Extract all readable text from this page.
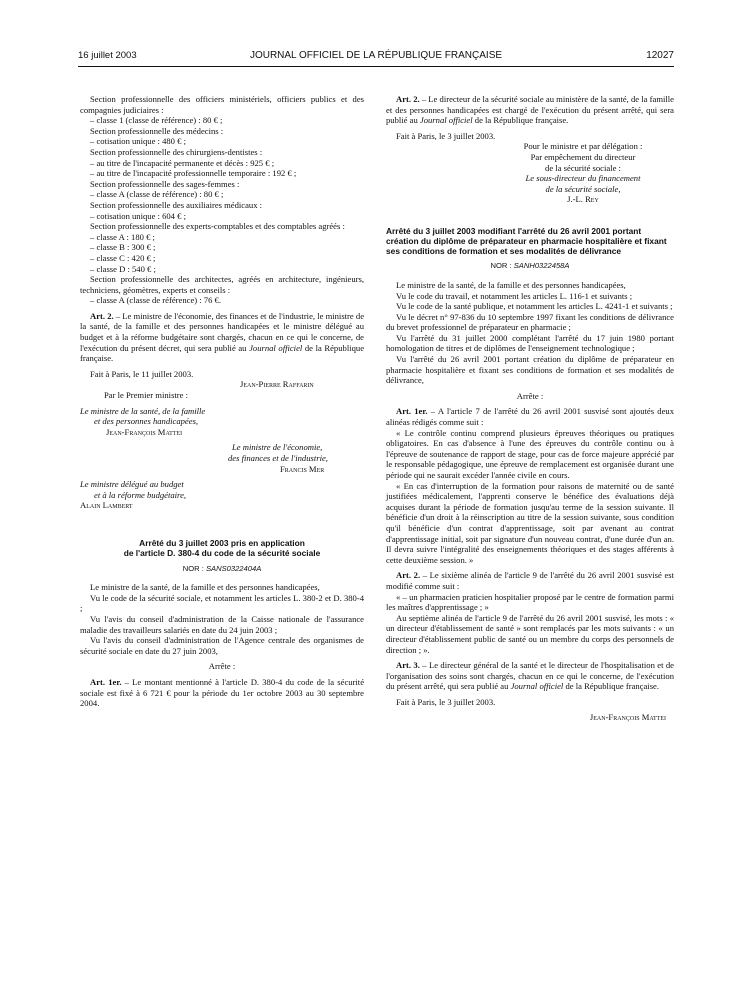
16 juillet 2003	JOURNAL OFFICIEL DE LA RÉPUBLIQUE FRANÇAISE	12027

Section professionnelle des officiers ministériels, officiers publics et des compagnies judiciaires :

– classe 1 (classe de référence) : 80 € ;

Section professionnelle des médecins :

– cotisation unique : 480 € ;

Section professionnelle des chirurgiens-dentistes :

– au titre de l'incapacité permanente et décès : 925 € ;

– au titre de l'incapacité professionnelle temporaire : 192 € ;

Section professionnelle des sages-femmes :

– classe A (classe de référence) : 80 € ;

Section professionnelle des auxiliaires médicaux :

– cotisation unique : 604 € ;

Section professionnelle des experts-comptables et des comptables agréés :

– classe A : 180 € ;

– classe B : 300 € ;

– classe C : 420 € ;

– classe D : 540 € ;

Section professionnelle des architectes, agréés en architecture, ingénieurs, techniciens, géomètres, experts et conseils :

– classe A (classe de référence) : 76 €.

Art. 2. – Le ministre de l'économie, des finances et de l'industrie, le ministre de la santé, de la famille et des personnes handicapées et le ministre délégué au budget et à la réforme budgétaire sont chargés, chacun en ce qui le concerne, de l'exécution du présent décret, qui sera publié au Journal officiel de la République française.

Fait à Paris, le 11 juillet 2003.

Jean-Pierre Raffarin

Par le Premier ministre :

Le ministre de la santé, de la famille

et des personnes handicapées,

Jean-François Mattei

Le ministre de l'économie,

des finances et de l'industrie,

Francis Mer

Le ministre délégué au budget

et à la réforme budgétaire,

Alain Lambert

Arrêté du 3 juillet 2003 pris en application

de l'article D. 380-4 du code de la sécurité sociale

NOR : SANS0322404A

Le ministre de la santé, de la famille et des personnes handicapées,

Vu le code de la sécurité sociale, et notamment les articles L. 380-2 et D. 380-4 ;

Vu l'avis du conseil d'administration de la Caisse nationale de l'assurance maladie des travailleurs salariés en date du 24 juin 2003 ;

Vu l'avis du conseil d'administration de l'Agence centrale des organismes de sécurité sociale en date du 27 juin 2003,

Arrête :

Art. 1er. – Le montant mentionné à l'article D. 380-4 du code de la sécurité sociale est fixé à 6 721 € pour la période du 1er octobre 2003 au 30 septembre 2004.

Art. 2. – Le directeur de la sécurité sociale au ministère de la santé, de la famille et des personnes handicapées est chargé de l'exécution du présent arrêté, qui sera publié au Journal officiel de la République française.

Fait à Paris, le 3 juillet 2003.

Pour le ministre et par délégation :

Par empêchement du directeur

de la sécurité sociale :

Le sous-directeur du financement

de la sécurité sociale,

J.-L. Rey

Arrêté du 3 juillet 2003 modifiant l'arrêté du 26 avril 2001 portant création du diplôme de préparateur en pharmacie hospitalière et fixant ses conditions de formation et ses modalités de délivrance

NOR : SANH0322458A

Le ministre de la santé, de la famille et des personnes handicapées,

Vu le code du travail, et notamment les articles L. 116-1 et suivants ;

Vu le code de la santé publique, et notamment les articles L. 4241-1 et suivants ;

Vu le décret n° 97-836 du 10 septembre 1997 fixant les conditions de délivrance du brevet professionnel de préparateur en pharmacie ;

Vu l'arrêté du 31 juillet 2000 complétant l'arrêté du 17 juin 1980 portant homologation de titres et de diplômes de l'enseignement technologique ;

Vu l'arrêté du 26 avril 2001 portant création du diplôme de préparateur en pharmacie hospitalière et fixant ses conditions de formation et ses modalités de délivrance,

Arrête :

Art. 1er. – A l'article 7 de l'arrêté du 26 avril 2001 susvisé sont ajoutés deux alinéas rédigés comme suit :

« Le contrôle continu comprend plusieurs épreuves théoriques ou pratiques obligatoires. En cas d'absence à l'une des épreuves du contrôle continu ou à l'épreuve de soutenance de rapport de stage, pour cas de force majeure apprécié par le responsable pédagogique, une épreuve de remplacement est organisée durant une période qui ne saurait excéder l'année civile en cours.

« En cas d'interruption de la formation pour raisons de maternité ou de santé justifiées médicalement, l'apprenti conserve le bénéfice des évaluations déjà acquises durant la période de formation jusqu'au terme de la session suivante. Il bénéficie d'un droit à la réinscription au titre de la session suivante, sous condition qu'il bénéficie d'un contrat d'apprentissage, soit par avenant au contrat d'apprentissage initial, soit par signature d'un nouveau contrat, d'une durée d'un an. Il devra suivre l'intégralité des enseignements théoriques et des stages afférents à cette deuxième session. »

Art. 2. – Le sixième alinéa de l'article 9 de l'arrêté du 26 avril 2001 susvisé est modifié comme suit :

« – un pharmacien praticien hospitalier proposé par le centre de formation parmi les maîtres d'apprentissage ; »

Au septième alinéa de l'article 9 de l'arrêté du 26 avril 2001 susvisé, les mots : « un directeur d'établissement de santé » sont remplacés par les mots suivants : « un directeur d'établissement public de santé ou un membre du corps des personnels de direction ; ».

Art. 3. – Le directeur général de la santé et le directeur de l'hospitalisation et de l'organisation des soins sont chargés, chacun en ce qui le concerne, de l'exécution du présent arrêté, qui sera publié au Journal officiel de la République française.

Fait à Paris, le 3 juillet 2003.

Jean-François Mattei
